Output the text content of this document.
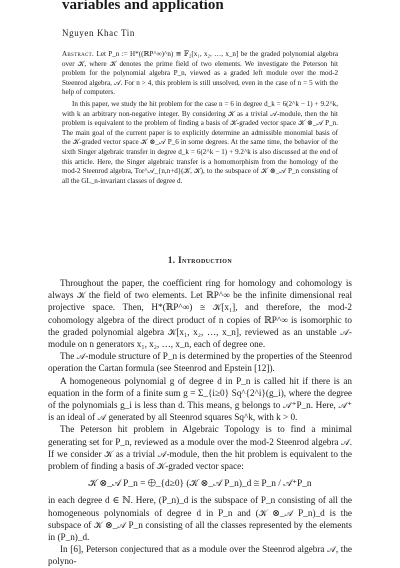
variables and application

Nguyen Khac Tin

Abstract. Let P_n := H*((ℝP^∞)^n) ≅ 𝔽₂[x₁, x₂, …, x_n] be the graded polynomial algebra over 𝒦, where 𝒦 denotes the prime field of two elements. We investigate the Peterson hit problem for the polynomial algebra P_n, viewed as a graded left module over the mod-2 Steenrod algebra, 𝒜. For n > 4, this problem is still unsolved, even in the case of n = 5 with the help of computers.

In this paper, we study the hit problem for the case n = 6 in degree d_k = 6(2^k − 1) + 9.2^k, with k an arbitrary non-negative integer. By considering 𝒦 as a trivial 𝒜-module, then the hit problem is equivalent to the problem of finding a basis of 𝒦-graded vector space 𝒦 ⊗_𝒜 P_n. The main goal of the current paper is to explicitly determine an admissible monomial basis of the 𝒦-graded vector space 𝒦 ⊗_𝒜 P_6 in some degrees. At the same time, the behavior of the sixth Singer algebraic transfer in degree d_k = 6(2^k − 1) + 9.2^k is also discussed at the end of this article. Here, the Singer algebraic transfer is a homomorphism from the homology of the mod-2 Steenrod algebra, Tor^𝒜_{n,n+d}(𝒦, 𝒦), to the subspace of 𝒦 ⊗_𝒜 P_n consisting of all the GL_n-invariant classes of degree d.

1. Introduction

Throughout the paper, the coefficient ring for homology and cohomology is always 𝒦 the field of two elements. Let ℝP^∞ be the infinite dimensional real projective space. Then, H*(ℝP^∞) ≅ 𝒦[x₁], and therefore, the mod-2 cohomology algebra of the direct product of n copies of ℝP^∞ is isomorphic to the graded polynomial algebra 𝒦[x₁, x₂, …, x_n], reviewed as an unstable 𝒜-module on n generators x₁, x₂, …, x_n, each of degree one.

The 𝒜-module structure of P_n is determined by the properties of the Steenrod operation the Cartan formula (see Steenrod and Epstein [12]).

A homogeneous polynomial g of degree d in P_n is called hit if there is an equation in the form of a finite sum g = Σ_{i≥0} Sq^{2^i}(g_i), where the degree of the polynomials g_i is less than d. This means, g belongs to 𝒜⁺P_n. Here, 𝒜⁺ is an ideal of 𝒜 generated by all Steenrod squares Sq^k, with k > 0.

The Peterson hit problem in Algebraic Topology is to find a minimal generating set for P_n, reviewed as a module over the mod-2 Steenrod algebra 𝒜. If we consider 𝒦 as a trivial 𝒜-module, then the hit problem is equivalent to the problem of finding a basis of 𝒦-graded vector space:

𝒦 ⊗_𝒜 P_n = ⨁_{d≥0} (𝒦 ⊗_𝒜 P_n)_d ≅ P_n / 𝒜⁺P_n

in each degree d ∈ ℕ. Here, (P_n)_d is the subspace of P_n consisting of all the homogeneous polynomials of degree d in P_n and (𝒦 ⊗_𝒜 P_n)_d is the subspace of 𝒦 ⊗_𝒜 P_n consisting of all the classes represented by the elements in (P_n)_d.

In [6], Peterson conjectured that as a module over the Steenrod algebra 𝒜, the polyno-
